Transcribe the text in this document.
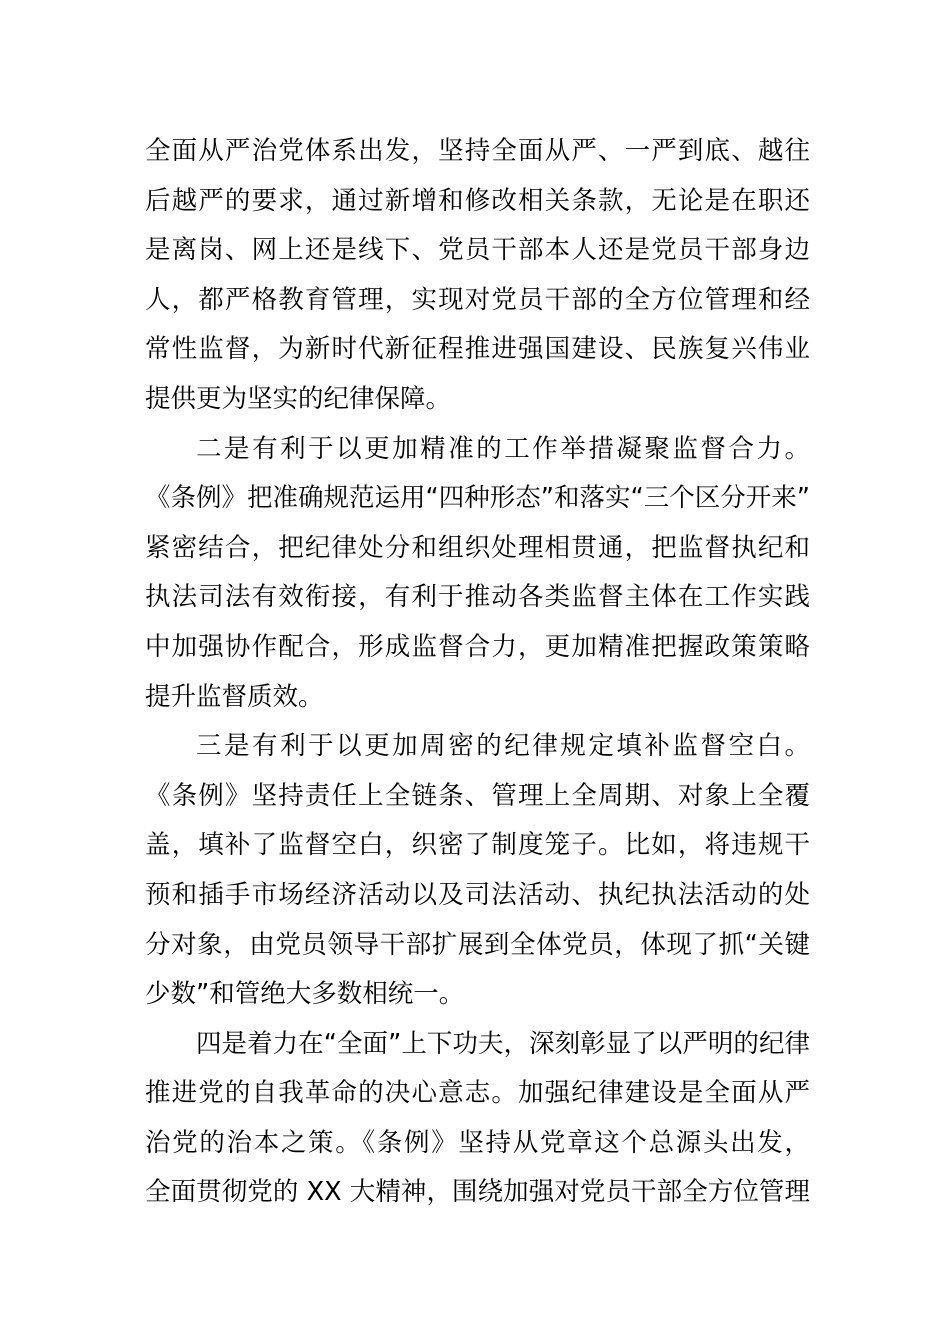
全面从严治党体系出发，坚持全面从严、一严到底、越往
后越严的要求，通过新增和修改相关条款，无论是在职还
是离岗、网上还是线下、党员干部本人还是党员干部身边
人，都严格教育管理，实现对党员干部的全方位管理和经
常性监督，为新时代新征程推进强国建设、民族复兴伟业
提供更为坚实的纪律保障。
二是有利于以更加精准的工作举措凝聚监督合力。
《条例》把准确规范运用“四种形态”和落实“三个区分开来”
紧密结合，把纪律处分和组织处理相贯通，把监督执纪和
执法司法有效衔接，有利于推动各类监督主体在工作实践
中加强协作配合，形成监督合力，更加精准把握政策策略
提升监督质效。
三是有利于以更加周密的纪律规定填补监督空白。
《条例》坚持责任上全链条、管理上全周期、对象上全覆
盖，填补了监督空白，织密了制度笼子。比如，将违规干
预和插手市场经济活动以及司法活动、执纪执法活动的处
分对象，由党员领导干部扩展到全体党员，体现了抓“关键
少数”和管绝大多数相统一。
四是着力在“全面”上下功夫，深刻彰显了以严明的纪律
推进党的自我革命的决心意志。加强纪律建设是全面从严
治党的治本之策。《条例》坚持从党章这个总源头出发，
全面贯彻党的 XX 大精神，围绕加强对党员干部全方位管理
